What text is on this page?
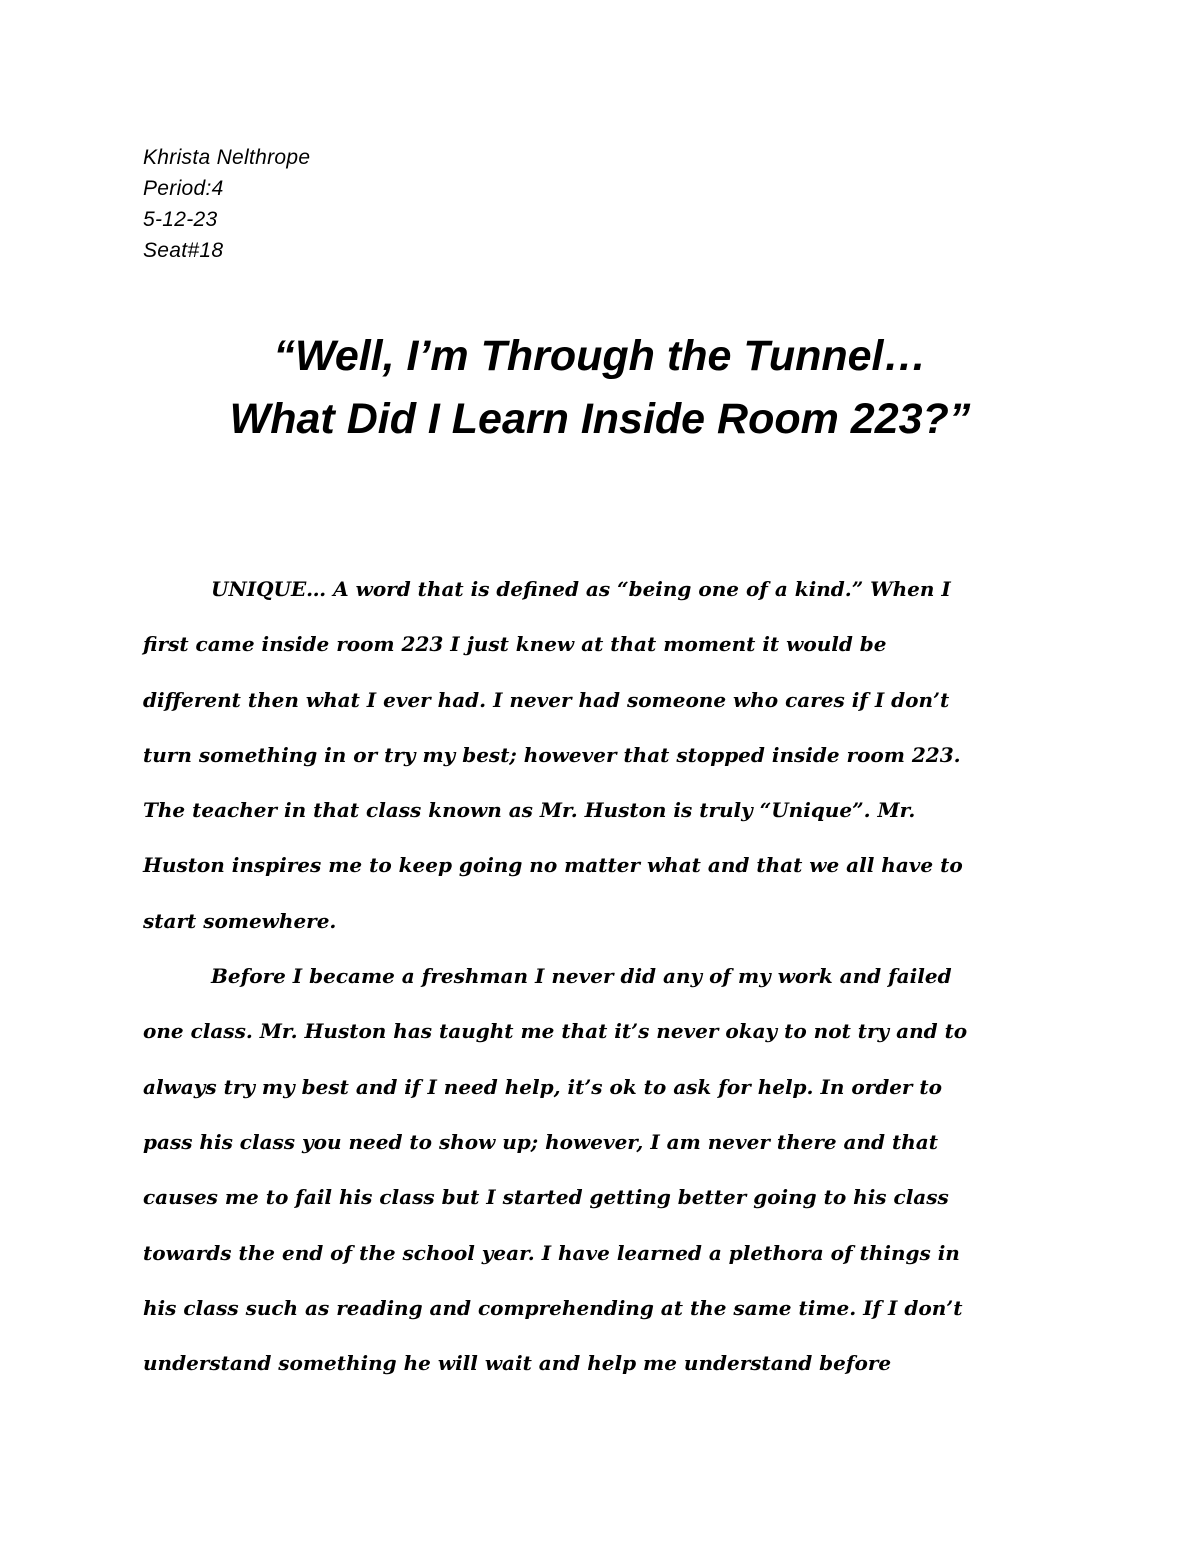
Khrista Nelthrope
Period:4
5-12-23
Seat#18
“Well, I’m Through the Tunnel…
What Did I Learn Inside Room 223?”
UNIQUE… A word that is defined as “being one of a kind.” When I
first came inside room 223 I just knew at that moment it would be
different then what I ever had. I never had someone who cares if I don’t
turn something in or try my best; however that stopped inside room 223.
The teacher in that class known as Mr. Huston is truly “Unique”. Mr.
Huston inspires me to keep going no matter what and that we all have to
start somewhere.
Before I became a freshman I never did any of my work and failed
one class. Mr. Huston has taught me that it’s never okay to not try and to
always try my best and if I need help, it’s ok to ask for help. In order to
pass his class you need to show up; however, I am never there and that
causes me to fail his class but I started getting better going to his class
towards the end of the school year. I have learned a plethora of things in
his class such as reading and comprehending at the same time. If I don’t
understand something he will wait and help me understand before
